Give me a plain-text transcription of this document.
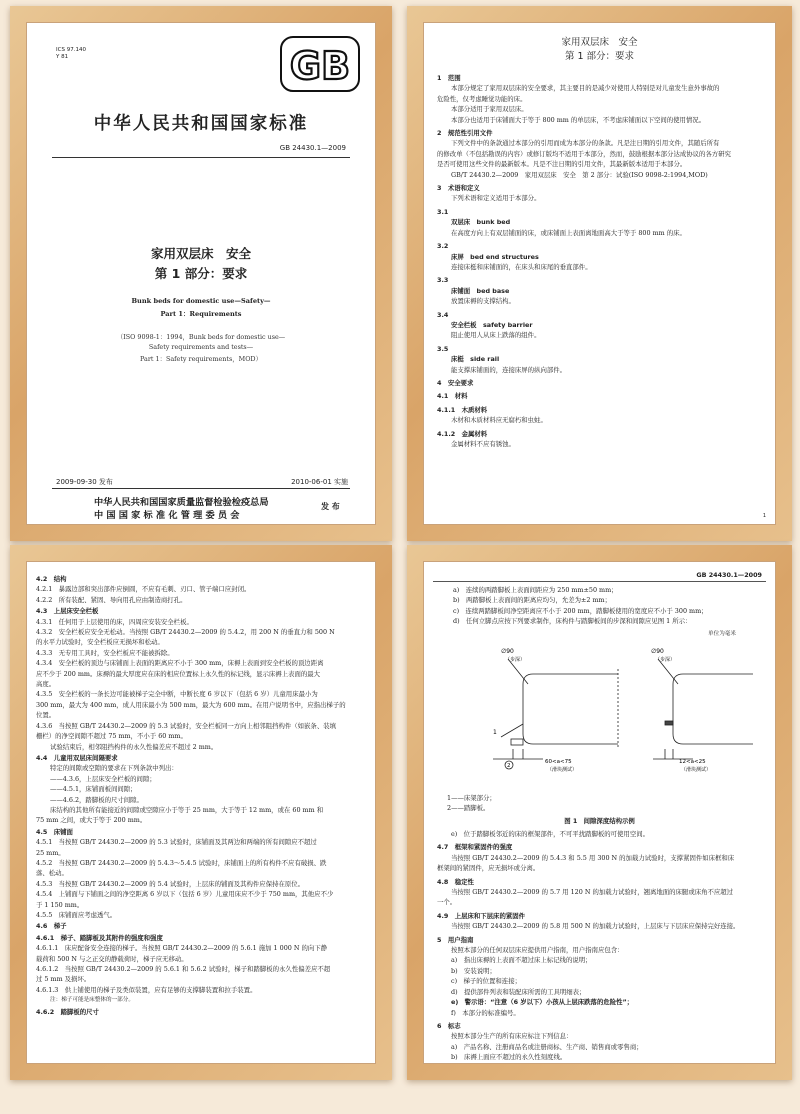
ICS 97.140
Y 81	GB
中华人民共和国国家标准
GB 24430.1—2009
家用双层床　安全
第 1 部分：要求
Bunk beds for domestic use—Safety—
Part 1：Requirements
（ISO 9098-1：1994，Bunk beds for domestic use—
Safety requirements and tests—
Part 1：Safety requirements，MOD）
2009-09-30 发布	2010-06-01 实施
中华人民共和国国家质量监督检验检疫总局
中 国 国 家 标 准 化 管 理 委 员 会
发 布
家用双层床　安全
第 1 部分：要求
1　范围
本部分规定了家用双层床的安全要求，其主要目的是减少对使用人特别是对儿童发生意外事故的
危险性，仅考虑睡觉功能的床。
本部分适用于家用双层床。
本部分也适用于床铺面大于等于 800 mm 的单层床，不考虑床铺面以下空间的使用情况。
2　规范性引用文件
下列文件中的条款通过本部分的引用而成为本部分的条款。凡是注日期的引用文件，其随后所有
的修改单（不包括勘误的内容）或修订版均不适用于本部分，然而，鼓励根据本部分达成协议的各方研究
是否可使用这些文件的最新版本。凡是不注日期的引用文件，其最新版本适用于本部分。
GB/T 24430.2—2009　家用双层床　安全　第 2 部分：试验(ISO 9098-2:1994,MOD)
3　术语和定义
下列术语和定义适用于本部分。
3.1
双层床　bunk bed
在高度方向上有双层铺面的床，或床铺面上表面离地面高大于等于 800 mm 的床。
3.2
床屏　bed end structures
连接床梃和床铺面的，在床头和床尾的垂直部件。
3.3
床铺面　bed base
放置床褥的支撑结构。
3.4
安全栏板　safety barrier
阻止使用人从床上跌落的组件。
3.5
床梃　side rail
能支撑床铺面的，连接床屏的纵向部件。
4　安全要求
4.1　材料
4.1.1　木质材料
木材和木质材料应无腐朽和虫蛀。
4.1.2　金属材料
金属材料不应有锈蚀。
1
4.2　结构
4.2.1　暴露边部和突出部件应倒圆，不应有毛刺、刃口、管子端口应封闭。
4.2.2　所有装配、紧固、导向用孔应由制造商打孔。
4.3　上层床安全栏板
4.3.1　任何用于上层使用的床，四周应安装安全栏板。
4.3.2　安全栏板应安全无松动。当按照 GB/T 24430.2—2009 的 5.4.2，用 200 N 的垂直力和 500 N
的水平力试验时，安全栏板应无损坏和松动。
4.3.3　无专用工具时，安全栏板应不能被拆除。
4.3.4　安全栏板的顶边与床铺面上表面的距离应不小于 300 mm，床褥上表面到安全栏板的顶边距离
应不少于 200 mm。床褥的最大厚度应在床的相应位置标上永久性的标记线，显示床褥上表面的最大
高度。
4.3.5　安全栏板的一条长边可能被梯子完全中断，中断长度 6 岁以下（包括 6 岁）儿童用床最小为
300 mm，最大为 400 mm，成人用床最小为 500 mm，最大为 600 mm。在用户说明书中，应指出梯子的
位置。
4.3.6　当按照 GB/T 24430.2—2009 的 5.3 试验时，安全栏板同一方向上相邻阻挡构件（如嵌条、装填
栅栏）的净空间隙不超过 75 mm，不小于 60 mm。
试验结束后，相邻阻挡构件的永久性偏差应不超过 2 mm。
4.4　儿童用双层床间隔要求
特定的间隙或空隙的要求在下列条款中列出：
——4.3.6，上层床安全栏板的间隙；
——4.5.1，床铺面板间间隙；
——4.6.2，踏脚板的尺寸间隙。
床结构的其他所有能接近的间隙或空隙应小于等于 25 mm，大于等于 12 mm，或在 60 mm 和
75 mm 之间，或大于等于 200 mm。
4.5　床铺面
4.5.1　当按照 GB/T 24430.2—2009 的 5.3 试验时，床铺面及其两边和两端的所有间隙应不超过
25 mm。
4.5.2　当按照 GB/T 24430.2—2009 的 5.4.3～5.4.5 试验时，床铺面上的所有构件不应有破损、跌
落、松动。
4.5.3　当按照 GB/T 24430.2—2009 的 5.4 试验时，上层床的铺面及其构件应保持在原位。
4.5.4　上铺面与下铺面之间的净空距离 6 岁以下（包括 6 岁）儿童用床应不少于 750 mm，其他应不少
于 1 150 mm。
4.5.5　床铺面应考虑透气。
4.6　梯子
4.6.1　梯子、踏脚板及其附件的强度和强度
4.6.1.1　床应配备安全连接的梯子。当按照 GB/T 24430.2—2009 的 5.6.1 施加 1 000 N 的向下静
载荷和 500 N 与之正交的静载荷时，梯子应无移动。
4.6.1.2　当按照 GB/T 24430.2—2009 的 5.6.1 和 5.6.2 试验时，梯子和踏脚板的永久性偏差应不超
过 5 mm 及损坏。
4.6.1.3　供上铺使用的梯子及类似装置，应有足够的支撑脚装置和拉手装置。
注：梯子可能是床整体的一部分。
4.6.2　踏脚板的尺寸
GB 24430.1—2009
a)　连续的两踏脚板上表面间距应为 250 mm±50 mm；
b)　两踏脚板上表面间的距离应均匀，允差为±2 mm；
c)　连续两踏脚板间净空距离应不小于 200 mm，踏脚板使用的宽度应不小于 300 mm；
d)　任何立脚点应按下列要求制作，床构件与踏脚板间的步深和间隙应见图 1 所示：
单位为毫米
∅90
（步深）
1
2
60<a<75
（滑块测试）
∅90
（步深）
12<a<25
（滑块测试）
1——床架部分；
2——踏脚板。
图 1　间隙深度结构示例
e)　位于踏脚板邻近的床的框架部件，不可平扰踏脚板的可使用空间。
4.7　框架和紧固件的强度
当按照 GB/T 24430.2—2009 的 5.4.3 和 5.5 用 300 N 的加载力试验时，支撑紧固件如床框和床
框架间的紧固件，应无损坏或分离。
4.8　稳定性
当按照 GB/T 24430.2—2009 的 5.7 用 120 N 的加载力试验时，翘离地面的床腿或床角不应超过
一个。
4.9　上层床和下层床的紧固件
当按照 GB/T 24430.2—2009 的 5.8 用 500 N 的加载力试验时，上层床与下层床应保持完好连接。
5　用户指南
按照本部分的任何双层床应提供用户指南，用户指南应包含：
a)　指出床褥的上表面不超过床上标记线的说明；
b)　安装说明；
c)　梯子的位置和连接；
d)　提供部件列表和装配床所需的工具明细表；
e)　警示语：“注意（6 岁以下）小孩从上层床跌落的危险性”；
f)　本部分的标准编号。
6　标志
按照本部分生产的所有床应标注下列信息：
a)　产品名称、注册商品名或注册商标、生产商、销售商或零售商；
b)　床褥上面应不超过的永久性刻度线。
